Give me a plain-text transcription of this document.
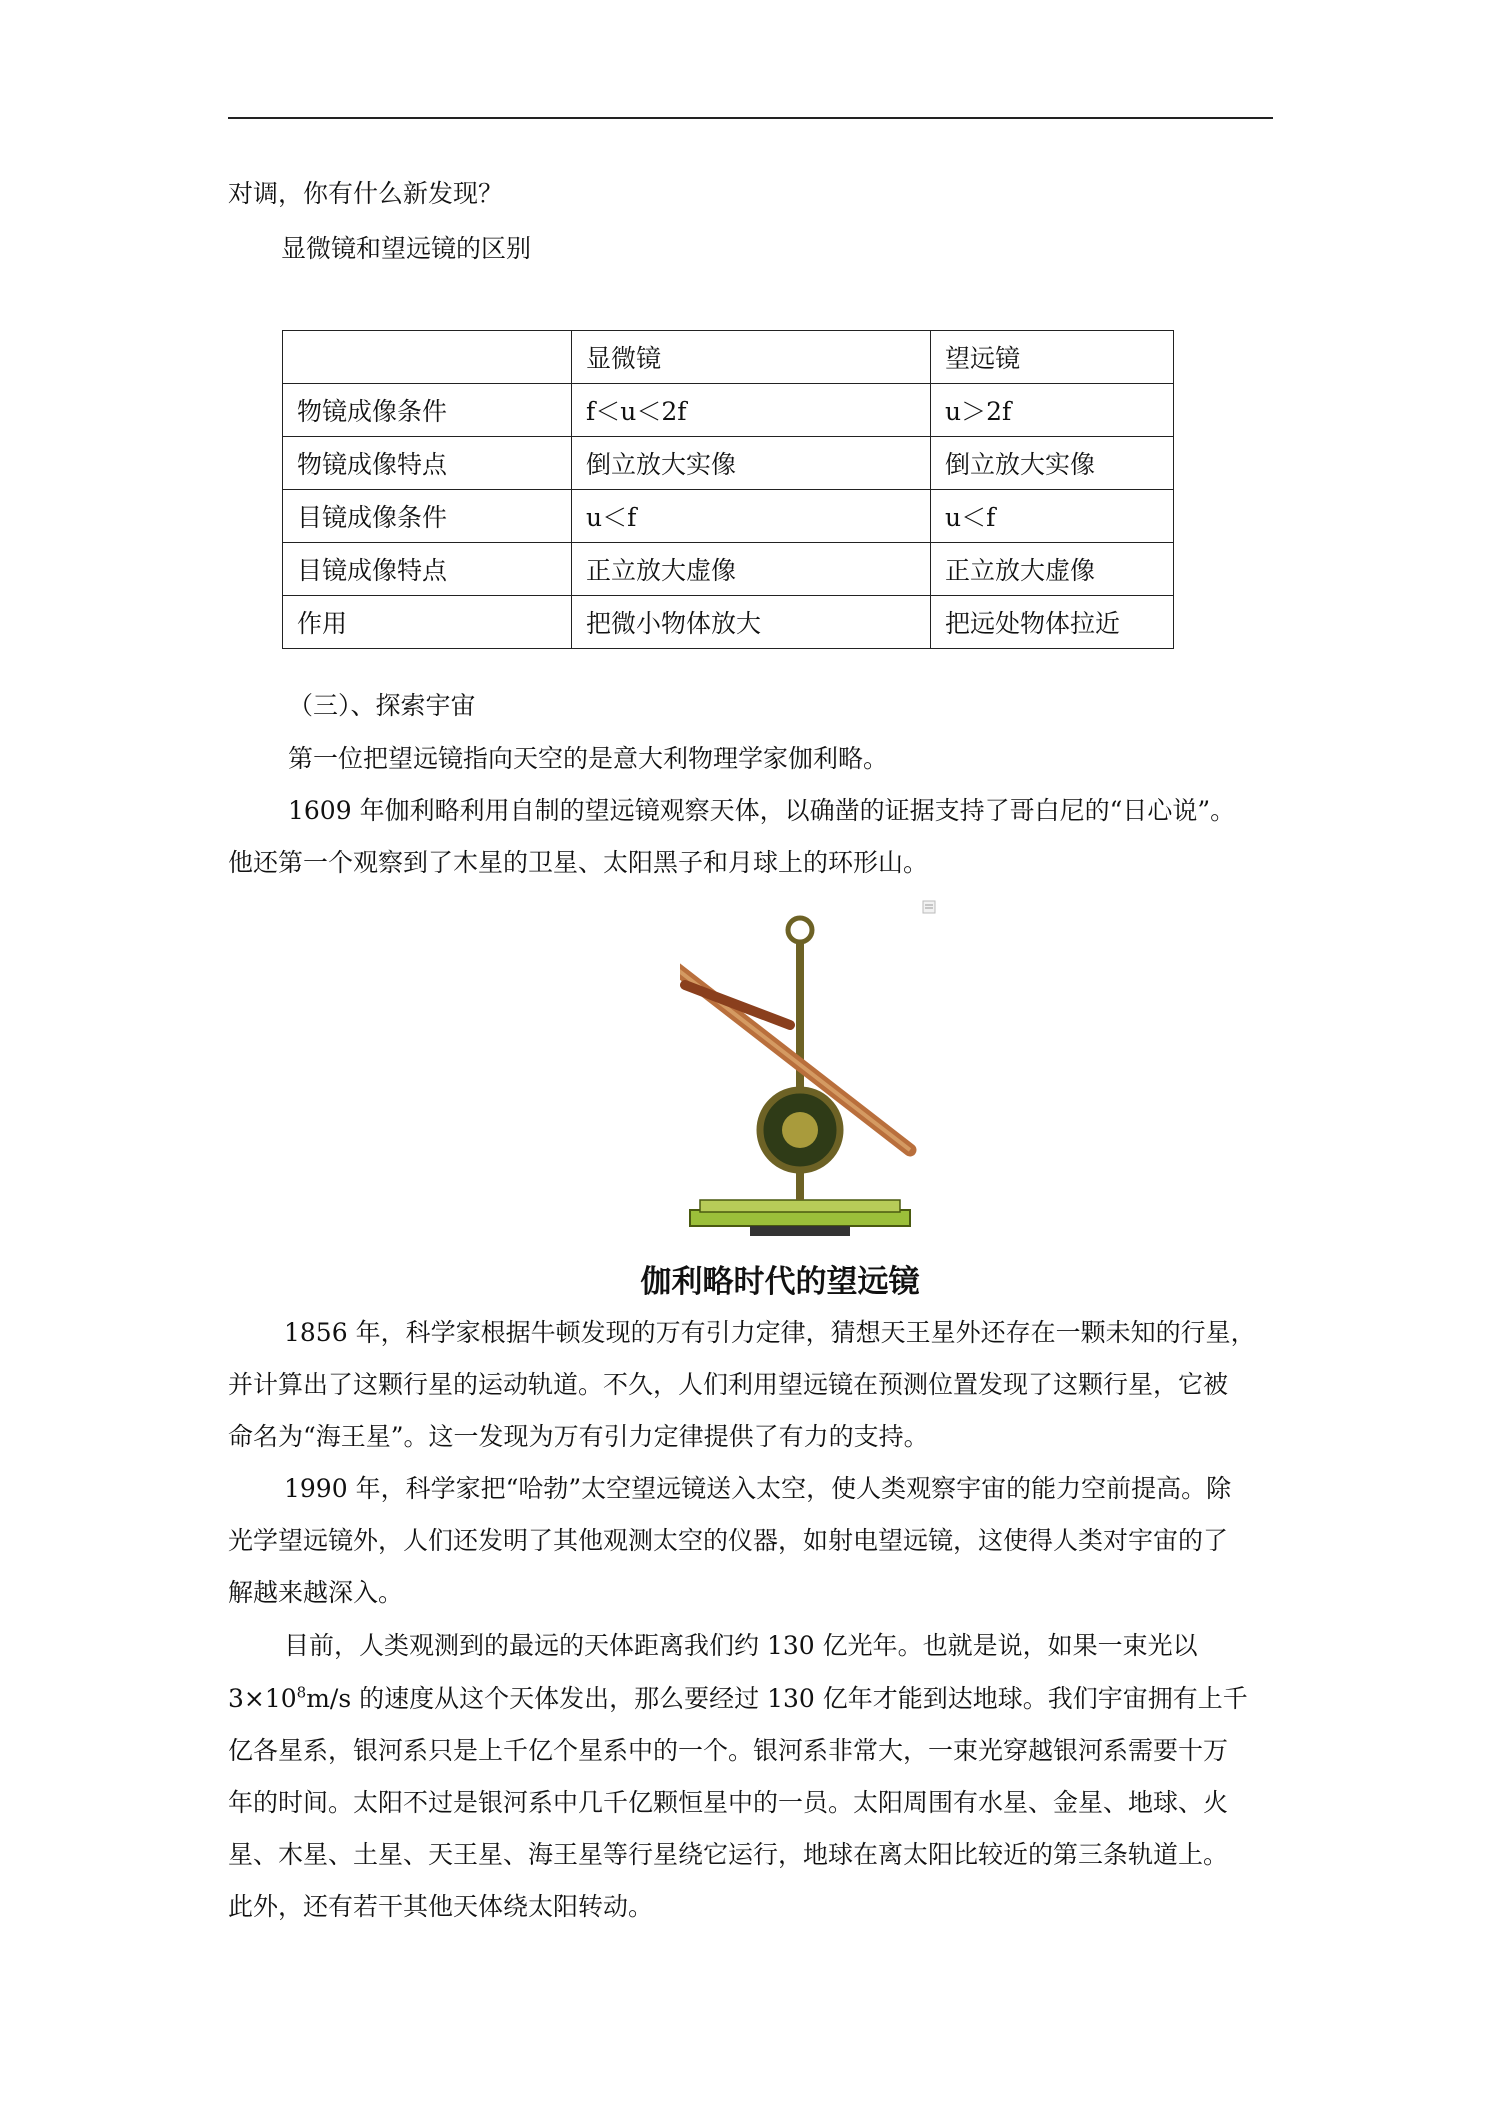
对调，你有什么新发现？
显微镜和望远镜的区别
	显微镜	望远镜
物镜成像条件	f＜u＜2f	u＞2f
物镜成像特点	倒立放大实像	倒立放大实像
目镜成像条件	u＜f	u＜f
目镜成像特点	正立放大虚像	正立放大虚像
作用	把微小物体放大	把远处物体拉近
（三）、探索宇宙
第一位把望远镜指向天空的是意大利物理学家伽利略。
1609 年伽利略利用自制的望远镜观察天体，以确凿的证据支持了哥白尼的“日心说”。
他还第一个观察到了木星的卫星、太阳黑子和月球上的环形山。
伽利略时代的望远镜
1856 年，科学家根据牛顿发现的万有引力定律，猜想天王星外还存在一颗未知的行星，
并计算出了这颗行星的运动轨道。不久，人们利用望远镜在预测位置发现了这颗行星，它被
命名为“海王星”。这一发现为万有引力定律提供了有力的支持。
1990 年，科学家把“哈勃”太空望远镜送入太空，使人类观察宇宙的能力空前提高。除
光学望远镜外，人们还发明了其他观测太空的仪器，如射电望远镜，这使得人类对宇宙的了
解越来越深入。
目前，人类观测到的最远的天体距离我们约 130 亿光年。也就是说，如果一束光以
$3\times 10^8m/s$ 的速度从这个天体发出，那么要经过 130 亿年才能到达地球。我们宇宙拥有上千
亿各星系，银河系只是上千亿个星系中的一个。银河系非常大，一束光穿越银河系需要十万
年的时间。太阳不过是银河系中几千亿颗恒星中的一员。太阳周围有水星、金星、地球、火
星、木星、土星、天王星、海王星等行星绕它运行，地球在离太阳比较近的第三条轨道上。
此外，还有若干其他天体绕太阳转动。
